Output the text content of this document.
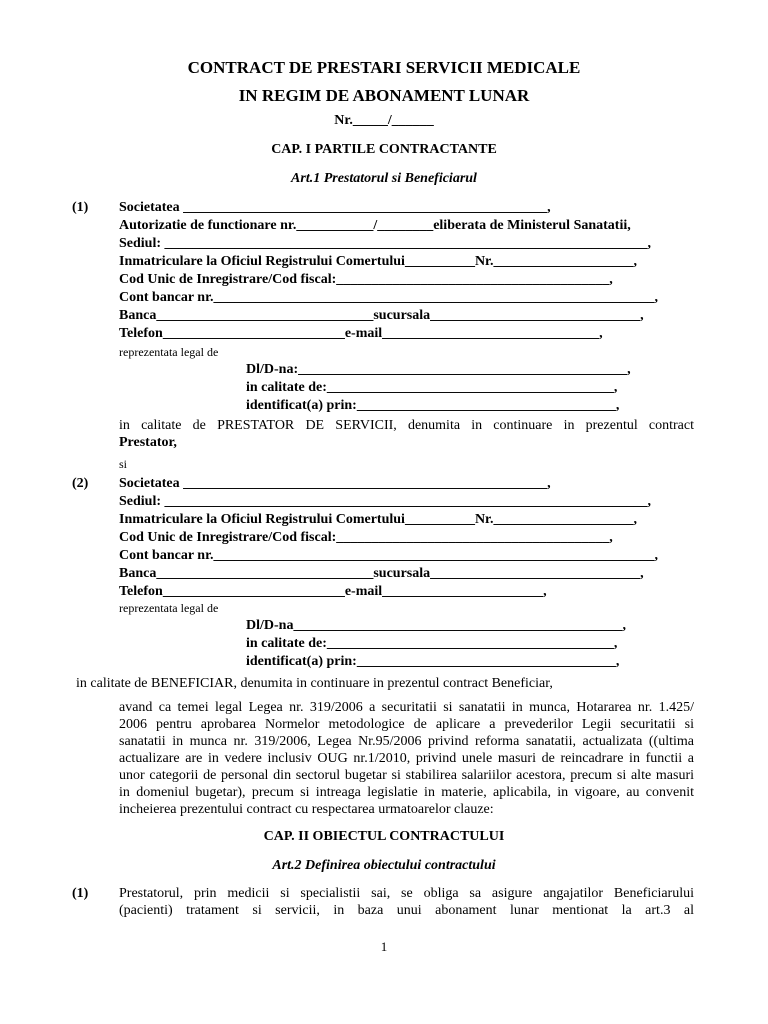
CONTRACT DE PRESTARI SERVICII MEDICALE
IN REGIM DE ABONAMENT LUNAR
Nr._____/______
CAP. I PARTILE CONTRACTANTE
Art.1 Prestatorul si Beneficiarul
(1) Societatea ____________________________________________________,
Autorizatie de functionare nr.___________/________eliberata de Ministerul Sanatatii,
Sediul: _____________________________________________________________________,
Inmatriculare la Oficiul Registrului Comertului__________Nr.____________________,
Cod Unic de Inregistrare/Cod fiscal:_______________________________________,
Cont bancar nr._______________________________________________________________,
Banca_______________________________sucursala______________________________,
Telefon__________________________e-mail_______________________________,
reprezentata legal de
Dl/D-na:_______________________________________________,
in calitate de:_________________________________________,
identificat(a) prin:_____________________________________,
in calitate de PRESTATOR DE SERVICII, denumita in continuare in prezentul contract
Prestator,
si
(2) Societatea ____________________________________________________,
Sediul: _____________________________________________________________________,
Inmatriculare la Oficiul Registrului Comertului__________Nr.____________________,
Cod Unic de Inregistrare/Cod fiscal:_______________________________________,
Cont bancar nr._______________________________________________________________,
Banca_______________________________sucursala______________________________,
Telefon__________________________e-mail_______________________,
reprezentata legal de
Dl/D-na_______________________________________________,
in calitate de:_________________________________________,
identificat(a) prin:_____________________________________,
in calitate de BENEFICIAR, denumita in continuare in prezentul contract Beneficiar,
avand ca temei legal Legea nr. 319/2006 a securitatii si sanatatii in munca, Hotararea nr. 1.425/
2006 pentru aprobarea Normelor metodologice de aplicare a prevederilor Legii securitatii si
sanatatii in munca nr. 319/2006, Legea Nr.95/2006 privind reforma sanatatii, actualizata ((ultima
actualizare are in vedere inclusiv OUG nr.1/2010, privind unele masuri de reincadrare in functii a
unor categorii de personal din sectorul bugetar si stabilirea salariilor acestora, precum si alte masuri
in domeniul bugetar), precum si intreaga legislatie in materie, aplicabila, in vigoare, au convenit
incheierea prezentului contract cu respectarea urmatoarelor clauze:
CAP. II OBIECTUL CONTRACTULUI
Art.2 Definirea obiectului contractului
(1) Prestatorul, prin medicii si specialistii sai, se obliga sa asigure angajatilor Beneficiarului
(pacienti) tratament si servicii, in baza unui abonament lunar mentionat la art.3 al
1
